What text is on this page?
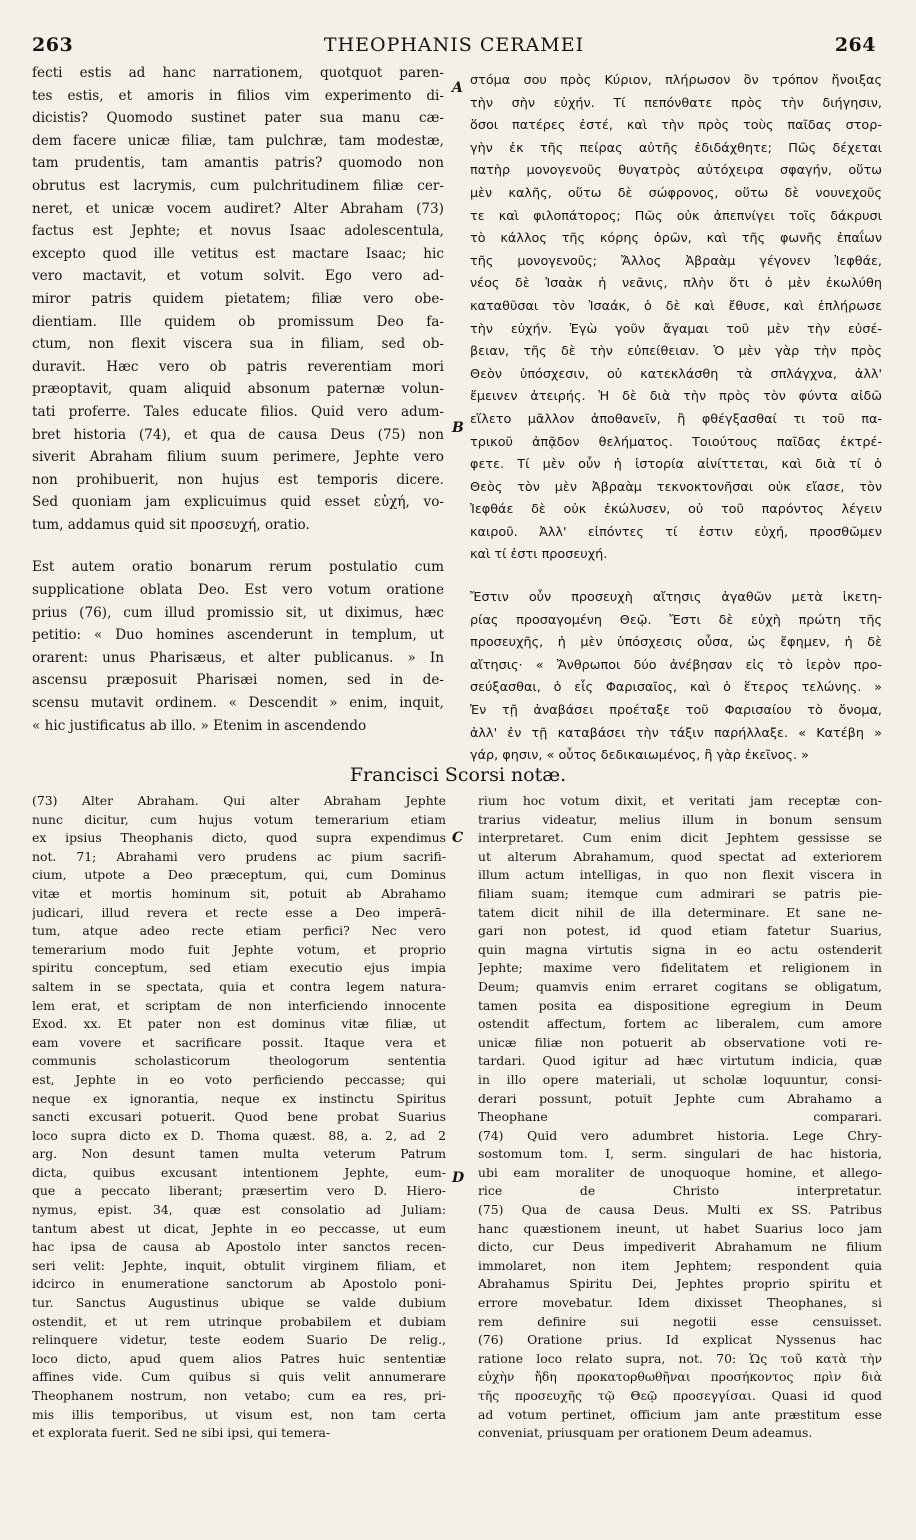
263	THEOPHANIS CERAMEI	264
fecti estis ad hanc narrationem, quotquot paren-
tes estis, et amoris in filios vim experimento di-
dicistis? Quomodo sustinet pater sua manu cæ-
dem facere unicæ filiæ, tam pulchræ, tam modestæ,
tam prudentis, tam amantis patris? quomodo non
obrutus est lacrymis, cum pulchritudinem filiæ cer-
neret, et unicæ vocem audiret? Alter Abraham (73)
factus est Jephte; et novus Isaac adolescentula,
excepto quod ille vetitus est mactare Isaac; hic
vero mactavit, et votum solvit. Ego vero ad-
miror patris quidem pietatem; filiæ vero obe-
dientiam. Ille quidem ob promissum Deo fa-
ctum, non flexit viscera sua in filiam, sed ob-
duravit. Hæc vero ob patris reverentiam mori
præoptavit, quam aliquid absonum paternæ volun-
tati proferre. Tales educate filios. Quid vero adum-
bret historia (74), et qua de causa Deus (75) non
siverit Abraham filium suum perimere, Jephte vero
non prohibuerit, non hujus est temporis dicere.
Sed quoniam jam explicuimus quid esset εὐχή, vo-
tum, addamus quid sit προσευχή, oratio.
Est autem oratio bonarum rerum postulatio cum
supplicatione oblata Deo. Est vero votum oratione
prius (76), cum illud promissio sit, ut diximus, hæc
petitio: « Duo homines ascenderunt in templum, ut
orarent: unus Pharisæus, et alter publicanus. » In
ascensu præposuit Pharisæi nomen, sed in de-
scensu mutavit ordinem. « Descendit » enim, inquit,
« hic justificatus ab illo. » Etenim in ascendendo
στόμα σου πρὸς Κύριον, πλήρωσον ὃν τρόπον ἤνοιξας
τὴν σὴν εὐχήν. Τί πεπόνθατε πρὸς τὴν διήγησιν,
ὅσοι πατέρες ἐστέ, καὶ τὴν πρὸς τοὺς παῖδας στορ-
γὴν ἐκ τῆς πείρας αὐτῆς ἐδιδάχθητε; Πῶς δέχεται
πατὴρ μονογενοῦς θυγατρὸς αὐτόχειρα σφαγήν, οὕτω
μὲν καλῆς, οὕτω δὲ σώφρονος, οὕτω δὲ νουνεχοῦς
τε καὶ φιλοπάτορος; Πῶς οὐκ ἀπεπνίγει τοῖς δάκρυσι
τὸ κάλλος τῆς κόρης ὁρῶν, καὶ τῆς φωνῆς ἐπαΐων
τῆς μονογενοῦς; Ἄλλος Ἀβραὰμ γέγονεν Ἰεφθάε,
νέος δὲ Ἰσαὰκ ἡ νεᾶνις, πλὴν ὅτι ὁ μὲν ἐκωλύθη
καταθῦσαι τὸν Ἰσαάκ, ὁ δὲ καὶ ἔθυσε, καὶ ἐπλήρωσε
τὴν εὐχήν. Ἐγὼ γοῦν ἄγαμαι τοῦ μὲν τὴν εὐσέ-
βειαν, τῆς δὲ τὴν εὐπείθειαν. Ὁ μὲν γὰρ τὴν πρὸς
Θεὸν ὑπόσχεσιν, οὐ κατεκλάσθη τὰ σπλάγχνα, ἀλλ'
ἔμεινεν ἀτειρής. Ἡ δὲ διὰ τὴν πρὸς τὸν φύντα αἰδῶ
εἵλετο μᾶλλον ἀποθανεῖν, ἢ φθέγξασθαί τι τοῦ πα-
τρικοῦ ἀπᾷδον θελήματος. Τοιούτους παῖδας ἐκτρέ-
φετε. Τί μὲν οὖν ἡ ἱστορία αἰνίττεται, καὶ διὰ τί ὁ
Θεὸς τὸν μὲν Ἀβραὰμ τεκνοκτονῆσαι οὐκ εἴασε, τὸν
Ἰεφθάε δὲ οὐκ ἐκώλυσεν, οὐ τοῦ παρόντος λέγειν
καιροῦ. Ἀλλ' εἰπόντες τί ἐστιν εὐχή, προσθῶμεν
καὶ τί ἐστι προσευχή.
Ἔστιν οὖν προσευχὴ αἴτησις ἀγαθῶν μετὰ ἱκετη-
ρίας προσαγομένη Θεῷ. Ἔστι δὲ εὐχὴ πρώτη τῆς
προσευχῆς, ἡ μὲν ὑπόσχεσις οὖσα, ὡς ἔφημεν, ἡ δὲ
αἴτησις· « Ἄνθρωποι δύο ἀνέβησαν εἰς τὸ ἱερὸν προ-
σεύξασθαι, ὁ εἷς Φαρισαῖος, καὶ ὁ ἕτερος τελώνης. »
Ἐν τῇ ἀναβάσει προέταξε τοῦ Φαρισαίου τὸ ὄνομα,
ἀλλ' ἐν τῇ καταβάσει τὴν τάξιν παρήλλαξε. « Κατέβη »
γάρ, φησιν, « οὗτος δεδικαιωμένος, ἢ γὰρ ἐκεῖνος. »
A
B
C
D
Francisci Scorsi notæ.
(73) Alter Abraham. Qui alter Abraham Jephte
nunc dicitur, cum hujus votum temerarium etiam
ex ipsius Theophanis dicto, quod supra expendimus
not. 71; Abrahami vero prudens ac pium sacrifi-
cium, utpote a Deo præceptum, qui, cum Dominus
vitæ et mortis hominum sit, potuit ab Abrahamo
judicari, illud revera et recte esse a Deo imperā-
tum, atque adeo recte etiam perfici? Nec vero
temerarium modo fuit Jephte votum, et proprio
spiritu conceptum, sed etiam executio ejus impia
saltem in se spectata, quia et contra legem natura-
lem erat, et scriptam de non interficiendo innocente
Exod. xx. Et pater non est dominus vitæ filiæ, ut
eam vovere et sacrificare possit. Itaque vera et
communis scholasticorum theologorum sententia
est, Jephte in eo voto perficiendo peccasse; qui
neque ex ignorantia, neque ex instinctu Spiritus
sancti excusari potuerit. Quod bene probat Suarius
loco supra dicto ex D. Thoma quæst. 88, a. 2, ad 2
arg. Non desunt tamen multa veterum Patrum
dicta, quibus excusant intentionem Jephte, eum-
que a peccato liberant; præsertim vero D. Hiero-
nymus, epist. 34, quæ est consolatio ad Juliam:
tantum abest ut dicat, Jephte in eo peccasse, ut eum
hac ipsa de causa ab Apostolo inter sanctos recen-
seri velit: Jephte, inquit, obtulit virginem filiam, et
idcirco in enumeratione sanctorum ab Apostolo poni-
tur. Sanctus Augustinus ubique se valde dubium
ostendit, et ut rem utrinque probabilem et dubiam
relinquere videtur, teste eodem Suario De relig.,
loco dicto, apud quem alios Patres huic sententiæ
affines vide. Cum quibus si quis velit annumerare
Theophanem nostrum, non vetabo; cum ea res, pri-
mis illis temporibus, ut visum est, non tam certa
et explorata fuerit. Sed ne sibi ipsi, qui temera-
rium hoc votum dixit, et veritati jam receptæ con-
trarius videatur, melius illum in bonum sensum
interpretaret. Cum enim dicit Jephtem gessisse se
ut alterum Abrahamum, quod spectat ad exteriorem
illum actum intelligas, in quo non flexit viscera in
filiam suam; itemque cum admirari se patris pie-
tatem dicit nihil de illa determinare. Et sane ne-
gari non potest, id quod etiam fatetur Suarius,
quin magna virtutis signa in eo actu ostenderit
Jephte; maxime vero fidelitatem et religionem in
Deum; quamvis enim erraret cogitans se obligatum,
tamen posita ea dispositione egregium in Deum
ostendit affectum, fortem ac liberalem, cum amore
unicæ filiæ non potuerit ab observatione voti re-
tardari. Quod igitur ad hæc virtutum indicia, quæ
in illo opere materiali, ut scholæ loquuntur, consi-
derari possunt, potuit Jephte cum Abrahamo a
Theophane comparari.
(74) Quid vero adumbret historia. Lege Chry-
sostomum tom. I, serm. singulari de hac historia,
ubi eam moraliter de unoquoque homine, et allego-
rice de Christo interpretatur.
(75) Qua de causa Deus. Multi ex SS. Patribus
hanc quæstionem ineunt, ut habet Suarius loco jam
dicto, cur Deus impediverit Abrahamum ne filium
immolaret, non item Jephtem; respondent quia
Abrahamus Spiritu Dei, Jephtes proprio spiritu et
errore movebatur. Idem dixisset Theophanes, si
rem definire sui negotii esse censuisset.
(76) Oratione prius. Id explicat Nyssenus hac
ratione loco relato supra, not. 70: Ὡς τοῦ κατὰ τὴν
εὐχὴν ἤδη προκατορθωθῆναι προσήκοντος πρὶν διὰ
τῆς προσευχῆς τῷ Θεῷ προσεγγίσαι. Quasi id quod
ad votum pertinet, officium jam ante præstitum esse
conveniat, priusquam per orationem Deum adeamus.
